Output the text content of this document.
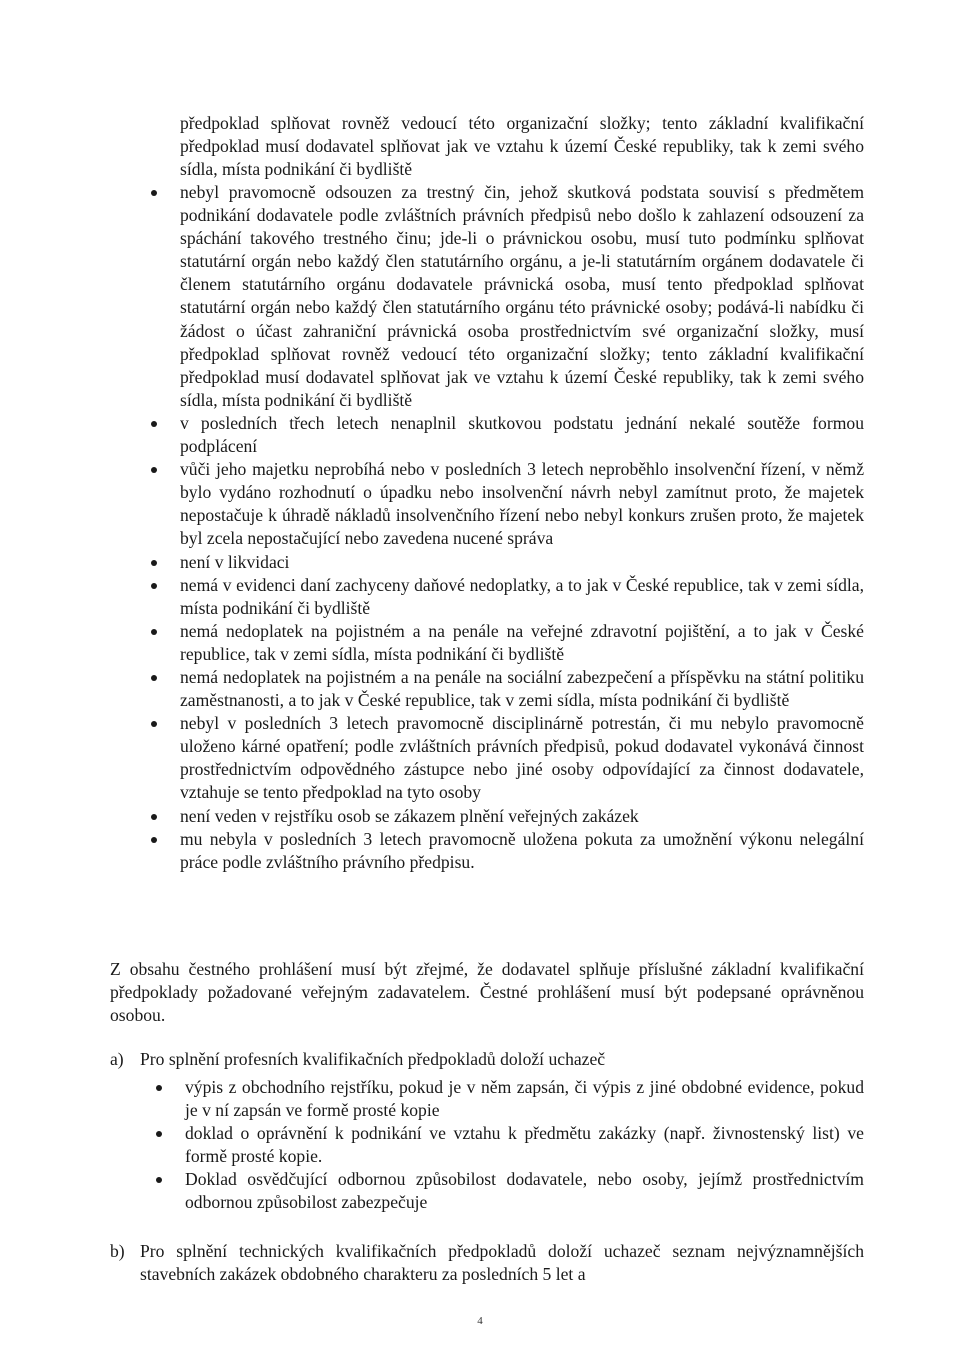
předpoklad splňovat rovněž vedoucí této organizační složky; tento základní kvalifikační předpoklad musí dodavatel splňovat jak ve vztahu k území České republiky, tak k zemi svého sídla, místa podnikání či bydliště

nebyl pravomocně odsouzen za trestný čin, jehož skutková podstata souvisí s předmětem podnikání dodavatele podle zvláštních právních předpisů nebo došlo k zahlazení odsouzení za spáchání takového trestného činu; jde-li o právnickou osobu, musí tuto podmínku splňovat statutární orgán nebo každý člen statutárního orgánu, a je-li statutárním orgánem dodavatele či členem statutárního orgánu dodavatele právnická osoba, musí tento předpoklad splňovat statutární orgán nebo každý člen statutárního orgánu této právnické osoby; podává-li nabídku či žádost o účast zahraniční právnická osoba prostřednictvím své organizační složky, musí předpoklad splňovat rovněž vedoucí této organizační složky; tento základní kvalifikační předpoklad musí dodavatel splňovat jak ve vztahu k území České republiky, tak k zemi svého sídla, místa podnikání či bydliště
v posledních třech letech nenaplnil skutkovou podstatu jednání nekalé soutěže formou podplácení
vůči jeho majetku neprobíhá nebo v posledních 3 letech neproběhlo insolvenční řízení, v němž bylo vydáno rozhodnutí o úpadku nebo insolvenční návrh nebyl zamítnut proto, že majetek nepostačuje k úhradě nákladů insolvenčního řízení nebo nebyl konkurs zrušen proto, že majetek byl zcela nepostačující nebo zavedena nucené správa
není v likvidaci
nemá v evidenci daní zachyceny daňové nedoplatky, a to jak v České republice, tak v zemi sídla, místa podnikání či bydliště
nemá nedoplatek na pojistném a na penále na veřejné zdravotní pojištění, a to jak v České republice, tak v zemi sídla, místa podnikání či bydliště
nemá nedoplatek na pojistném a na penále na sociální zabezpečení a příspěvku na státní politiku zaměstnanosti, a to jak v České republice, tak v zemi sídla, místa podnikání či bydliště
nebyl v posledních 3 letech pravomocně disciplinárně potrestán, či mu nebylo pravomocně uloženo kárné opatření; podle zvláštních právních předpisů, pokud dodavatel vykonává činnost prostřednictvím odpovědného zástupce nebo jiné osoby odpovídající za činnost dodavatele, vztahuje se tento předpoklad na tyto osoby
není veden v rejstříku osob se zákazem plnění veřejných zakázek
mu nebyla v posledních 3 letech pravomocně uložena pokuta za umožnění výkonu nelegální práce podle zvláštního právního předpisu.

Z obsahu čestného prohlášení musí být zřejmé, že dodavatel splňuje příslušné základní kvalifikační předpoklady požadované veřejným zadavatelem. Čestné prohlášení musí být podepsané oprávněnou osobou.

a) Pro splnění profesních kvalifikačních předpokladů doloží uchazeč

výpis z obchodního rejstříku, pokud je v něm zapsán, či výpis z jiné obdobné evidence, pokud je v ní zapsán ve formě prosté kopie
doklad o oprávnění k podnikání ve vztahu k předmětu zakázky (např. živnostenský list) ve formě prosté kopie.
Doklad osvědčující odbornou způsobilost dodavatele, nebo osoby, jejímž prostřednictvím odbornou způsobilost zabezpečuje
b) Pro splnění technických kvalifikačních předpokladů doloží uchazeč seznam nejvýznamnějších stavebních zakázek obdobného charakteru za posledních 5 let a

4
